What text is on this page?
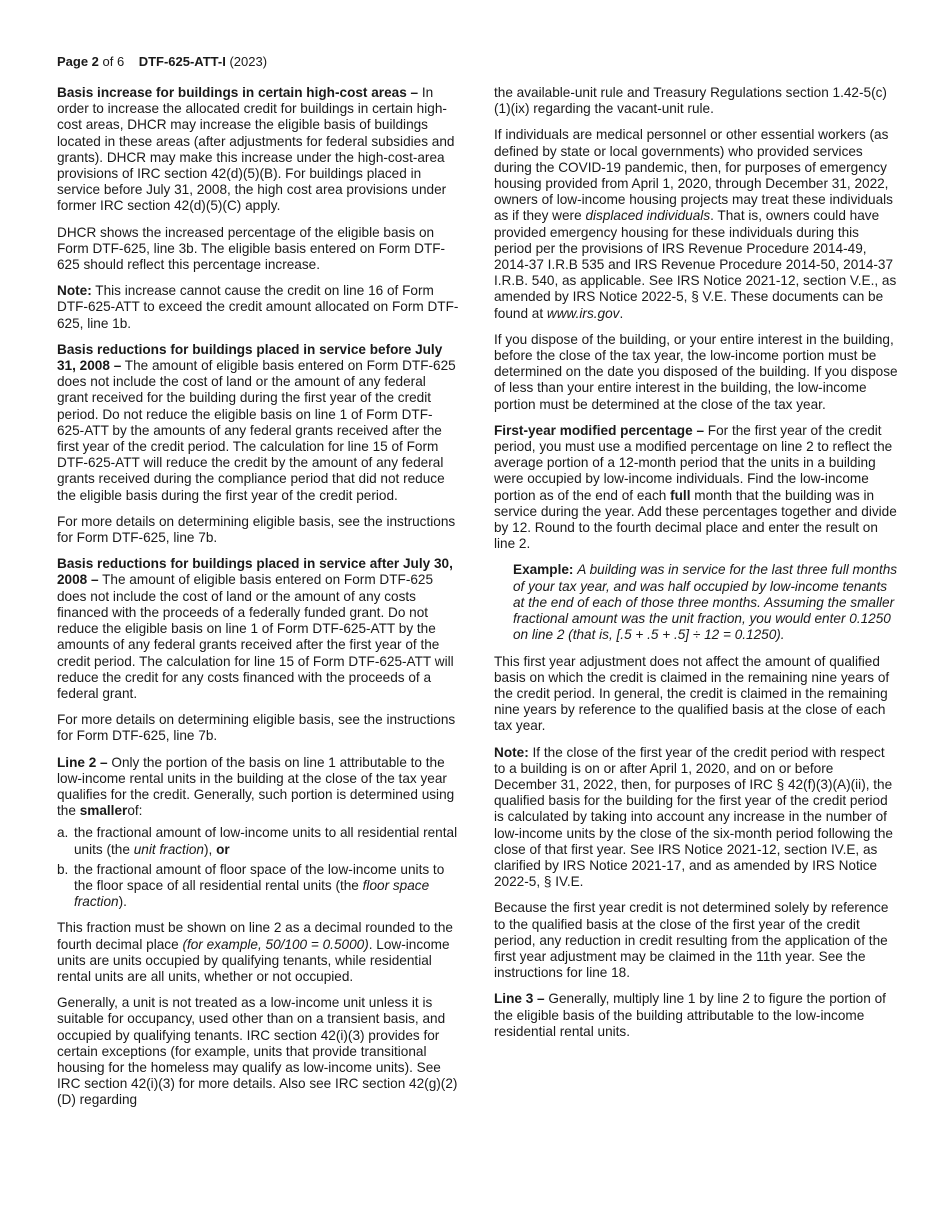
Page 2 of 6 DTF-625-ATT-I (2023)

Basis increase for buildings in certain high-cost areas – In order to increase the allocated credit for buildings in certain high-cost areas, DHCR may increase the eligible basis of buildings located in these areas (after adjustments for federal subsidies and grants). DHCR may make this increase under the high-cost-area provisions of IRC section 42(d)(5)(B). For buildings placed in service before July 31, 2008, the high cost area provisions under former IRC section 42(d)(5)(C) apply.

DHCR shows the increased percentage of the eligible basis on Form DTF-625, line 3b. The eligible basis entered on Form DTF-625 should reflect this percentage increase.

Note: This increase cannot cause the credit on line 16 of Form DTF-625-ATT to exceed the credit amount allocated on Form DTF-625, line 1b.

Basis reductions for buildings placed in service before July 31, 2008 – The amount of eligible basis entered on Form DTF-625 does not include the cost of land or the amount of any federal grant received for the building during the first year of the credit period. Do not reduce the eligible basis on line 1 of Form DTF-625-ATT by the amounts of any federal grants received after the first year of the credit period. The calculation for line 15 of Form DTF-625-ATT will reduce the credit by the amount of any federal grants received during the compliance period that did not reduce the eligible basis during the first year of the credit period.

For more details on determining eligible basis, see the instructions for Form DTF-625, line 7b.

Basis reductions for buildings placed in service after July 30, 2008 – The amount of eligible basis entered on Form DTF-625 does not include the cost of land or the amount of any costs financed with the proceeds of a federally funded grant. Do not reduce the eligible basis on line 1 of Form DTF-625-ATT by the amounts of any federal grants received after the first year of the credit period. The calculation for line 15 of Form DTF-625-ATT will reduce the credit for any costs financed with the proceeds of a federal grant.

For more details on determining eligible basis, see the instructions for Form DTF-625, line 7b.

Line 2 – Only the portion of the basis on line 1 attributable to the low-income rental units in the building at the close of the tax year qualifies for the credit. Generally, such portion is determined using the smallerof:

a. the fractional amount of low-income units to all residential rental units (the unit fraction), or
b. the fractional amount of floor space of the low-income units to the floor space of all residential rental units (the floor space fraction).

This fraction must be shown on line 2 as a decimal rounded to the fourth decimal place (for example, 50/100 = 0.5000). Low-income units are units occupied by qualifying tenants, while residential rental units are all units, whether or not occupied.

Generally, a unit is not treated as a low-income unit unless it is suitable for occupancy, used other than on a transient basis, and occupied by qualifying tenants. IRC section 42(i)(3) provides for certain exceptions (for example, units that provide transitional housing for the homeless may qualify as low-income units). See IRC section 42(i)(3) for more details. Also see IRC section 42(g)(2)(D) regarding

the available-unit rule and Treasury Regulations section 1.42-5(c)(1)(ix) regarding the vacant-unit rule.

If individuals are medical personnel or other essential workers (as defined by state or local governments) who provided services during the COVID-19 pandemic, then, for purposes of emergency housing provided from April 1, 2020, through December 31, 2022, owners of low-income housing projects may treat these individuals as if they were displaced individuals. That is, owners could have provided emergency housing for these individuals during this period per the provisions of IRS Revenue Procedure 2014-49, 2014-37 I.R.B 535 and IRS Revenue Procedure 2014-50, 2014-37 I.R.B. 540, as applicable. See IRS Notice 2021-12, section V.E., as amended by IRS Notice 2022-5, § V.E. These documents can be found at www.irs.gov.

If you dispose of the building, or your entire interest in the building, before the close of the tax year, the low-income portion must be determined on the date you disposed of the building. If you dispose of less than your entire interest in the building, the low-income portion must be determined at the close of the tax year.

First-year modified percentage – For the first year of the credit period, you must use a modified percentage on line 2 to reflect the average portion of a 12-month period that the units in a building were occupied by low-income individuals. Find the low-income portion as of the end of each full month that the building was in service during the year. Add these percentages together and divide by 12. Round to the fourth decimal place and enter the result on line 2.

Example: A building was in service for the last three full months of your tax year, and was half occupied by low-income tenants at the end of each of those three months. Assuming the smaller fractional amount was the unit fraction, you would enter 0.1250 on line 2 (that is, [.5 + .5 + .5] ÷ 12 = 0.1250).

This first year adjustment does not affect the amount of qualified basis on which the credit is claimed in the remaining nine years of the credit period. In general, the credit is claimed in the remaining nine years by reference to the qualified basis at the close of each tax year.

Note: If the close of the first year of the credit period with respect to a building is on or after April 1, 2020, and on or before December 31, 2022, then, for purposes of IRC § 42(f)(3)(A)(ii), the qualified basis for the building for the first year of the credit period is calculated by taking into account any increase in the number of low-income units by the close of the six-month period following the close of that first year. See IRS Notice 2021-12, section IV.E, as clarified by IRS Notice 2021-17, and as amended by IRS Notice 2022-5, § IV.E.

Because the first year credit is not determined solely by reference to the qualified basis at the close of the first year of the credit period, any reduction in credit resulting from the application of the first year adjustment may be claimed in the 11th year. See the instructions for line 18.

Line 3 – Generally, multiply line 1 by line 2 to figure the portion of the eligible basis of the building attributable to the low-income residential rental units.
